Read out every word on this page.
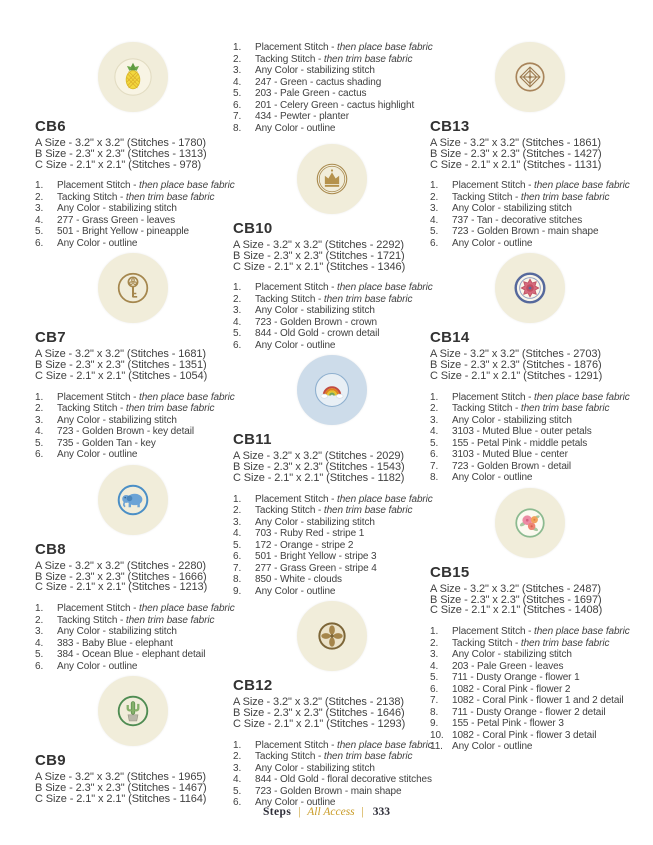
CB6
A Size - 3.2" x 3.2" (Stitches - 1780)
B Size - 2.3" x 2.3" (Stitches - 1313)
C Size - 2.1" x 2.1" (Stitches - 978)
1.	Placement Stitch - then place base fabric
2.	Tacking Stitch - then trim base fabric
3.	Any Color - stabilizing stitch
4.	277 - Grass Green - leaves
5.	501 - Bright Yellow - pineapple
6.	Any Color - outline
CB7
A Size - 3.2" x 3.2" (Stitches - 1681)
B Size - 2.3" x 2.3" (Stitches - 1351)
C Size - 2.1" x 2.1" (Stitches - 1054)
1.	Placement Stitch - then place base fabric
2.	Tacking Stitch - then trim base fabric
3.	Any Color - stabilizing stitch
4.	723 - Golden Brown - key detail
5.	735 - Golden Tan - key
6.	Any Color - outline
CB8
A Size - 3.2" x 3.2" (Stitches - 2280)
B Size - 2.3" x 2.3" (Stitches - 1666)
C Size - 2.1" x 2.1" (Stitches - 1213)
1.	Placement Stitch - then place base fabric
2.	Tacking Stitch - then trim base fabric
3.	Any Color - stabilizing stitch
4.	383 - Baby Blue - elephant
5.	384 - Ocean Blue - elephant detail
6.	Any Color - outline
CB9
A Size - 3.2" x 3.2" (Stitches - 1965)
B Size - 2.3" x 2.3" (Stitches - 1467)
C Size - 2.1" x 2.1" (Stitches - 1164)
1.	Placement Stitch - then place base fabric
2.	Tacking Stitch - then trim base fabric
3.	Any Color - stabilizing stitch
4.	247 - Green - cactus shading
5.	203 - Pale Green - cactus
6.	201 - Celery Green - cactus highlight
7.	434 - Pewter - planter
8.	Any Color - outline
CB10
A Size - 3.2" x 3.2" (Stitches - 2292)
B Size - 2.3" x 2.3" (Stitches - 1721)
C Size - 2.1" x 2.1" (Stitches - 1346)
1.	Placement Stitch - then place base fabric
2.	Tacking Stitch - then trim base fabric
3.	Any Color - stabilizing stitch
4.	723 - Golden Brown - crown
5.	844 - Old Gold - crown detail
6.	Any Color - outline
CB11
A Size - 3.2" x 3.2" (Stitches - 2029)
B Size - 2.3" x 2.3" (Stitches - 1543)
C Size - 2.1" x 2.1" (Stitches - 1182)
1.	Placement Stitch - then place base fabric
2.	Tacking Stitch - then trim base fabric
3.	Any Color - stabilizing stitch
4.	703 - Ruby Red - stripe 1
5.	172 - Orange - stripe 2
6.	501 - Bright Yellow - stripe 3
7.	277 - Grass Green - stripe 4
8.	850 - White - clouds
9.	Any Color - outline
CB12
A Size - 3.2" x 3.2" (Stitches - 2138)
B Size - 2.3" x 2.3" (Stitches - 1646)
C Size - 2.1" x 2.1" (Stitches - 1293)
1.	Placement Stitch - then place base fabric
2.	Tacking Stitch - then trim base fabric
3.	Any Color - stabilizing stitch
4.	844 - Old Gold - floral decorative stitches
5.	723 - Golden Brown - main shape
6.	Any Color - outline
CB13
A Size - 3.2" x 3.2" (Stitches - 1861)
B Size - 2.3" x 2.3" (Stitches - 1427)
C Size - 2.1" x 2.1" (Stitches - 1131)
1.	Placement Stitch - then place base fabric
2.	Tacking Stitch - then trim base fabric
3.	Any Color - stabilizing stitch
4.	737 - Tan - decorative stitches
5.	723 - Golden Brown - main shape
6.	Any Color - outline
CB14
A Size - 3.2" x 3.2" (Stitches - 2703)
B Size - 2.3" x 2.3" (Stitches - 1876)
C Size - 2.1" x 2.1" (Stitches - 1291)
1.	Placement Stitch - then place base fabric
2.	Tacking Stitch - then trim base fabric
3.	Any Color - stabilizing stitch
4.	3103 - Muted Blue - outer petals
5.	155 - Petal Pink - middle petals
6.	3103 - Muted Blue - center
7.	723 - Golden Brown - detail
8.	Any Color - outline
CB15
A Size - 3.2" x 3.2" (Stitches - 2487)
B Size - 2.3" x 2.3" (Stitches - 1697)
C Size - 2.1" x 2.1" (Stitches - 1408)
1.	Placement Stitch - then place base fabric
2.	Tacking Stitch - then trim base fabric
3.	Any Color - stabilizing stitch
4.	203 - Pale Green - leaves
5.	711 - Dusty Orange - flower 1
6.	1082 - Coral Pink - flower 2
7.	1082 - Coral Pink - flower 1 and 2 detail
8.	711 - Dusty Orange - flower 2 detail
9.	155 - Petal Pink - flower 3
10. 1082 - Coral Pink - flower 3 detail
11. Any Color - outline
Steps | All Access | 333
